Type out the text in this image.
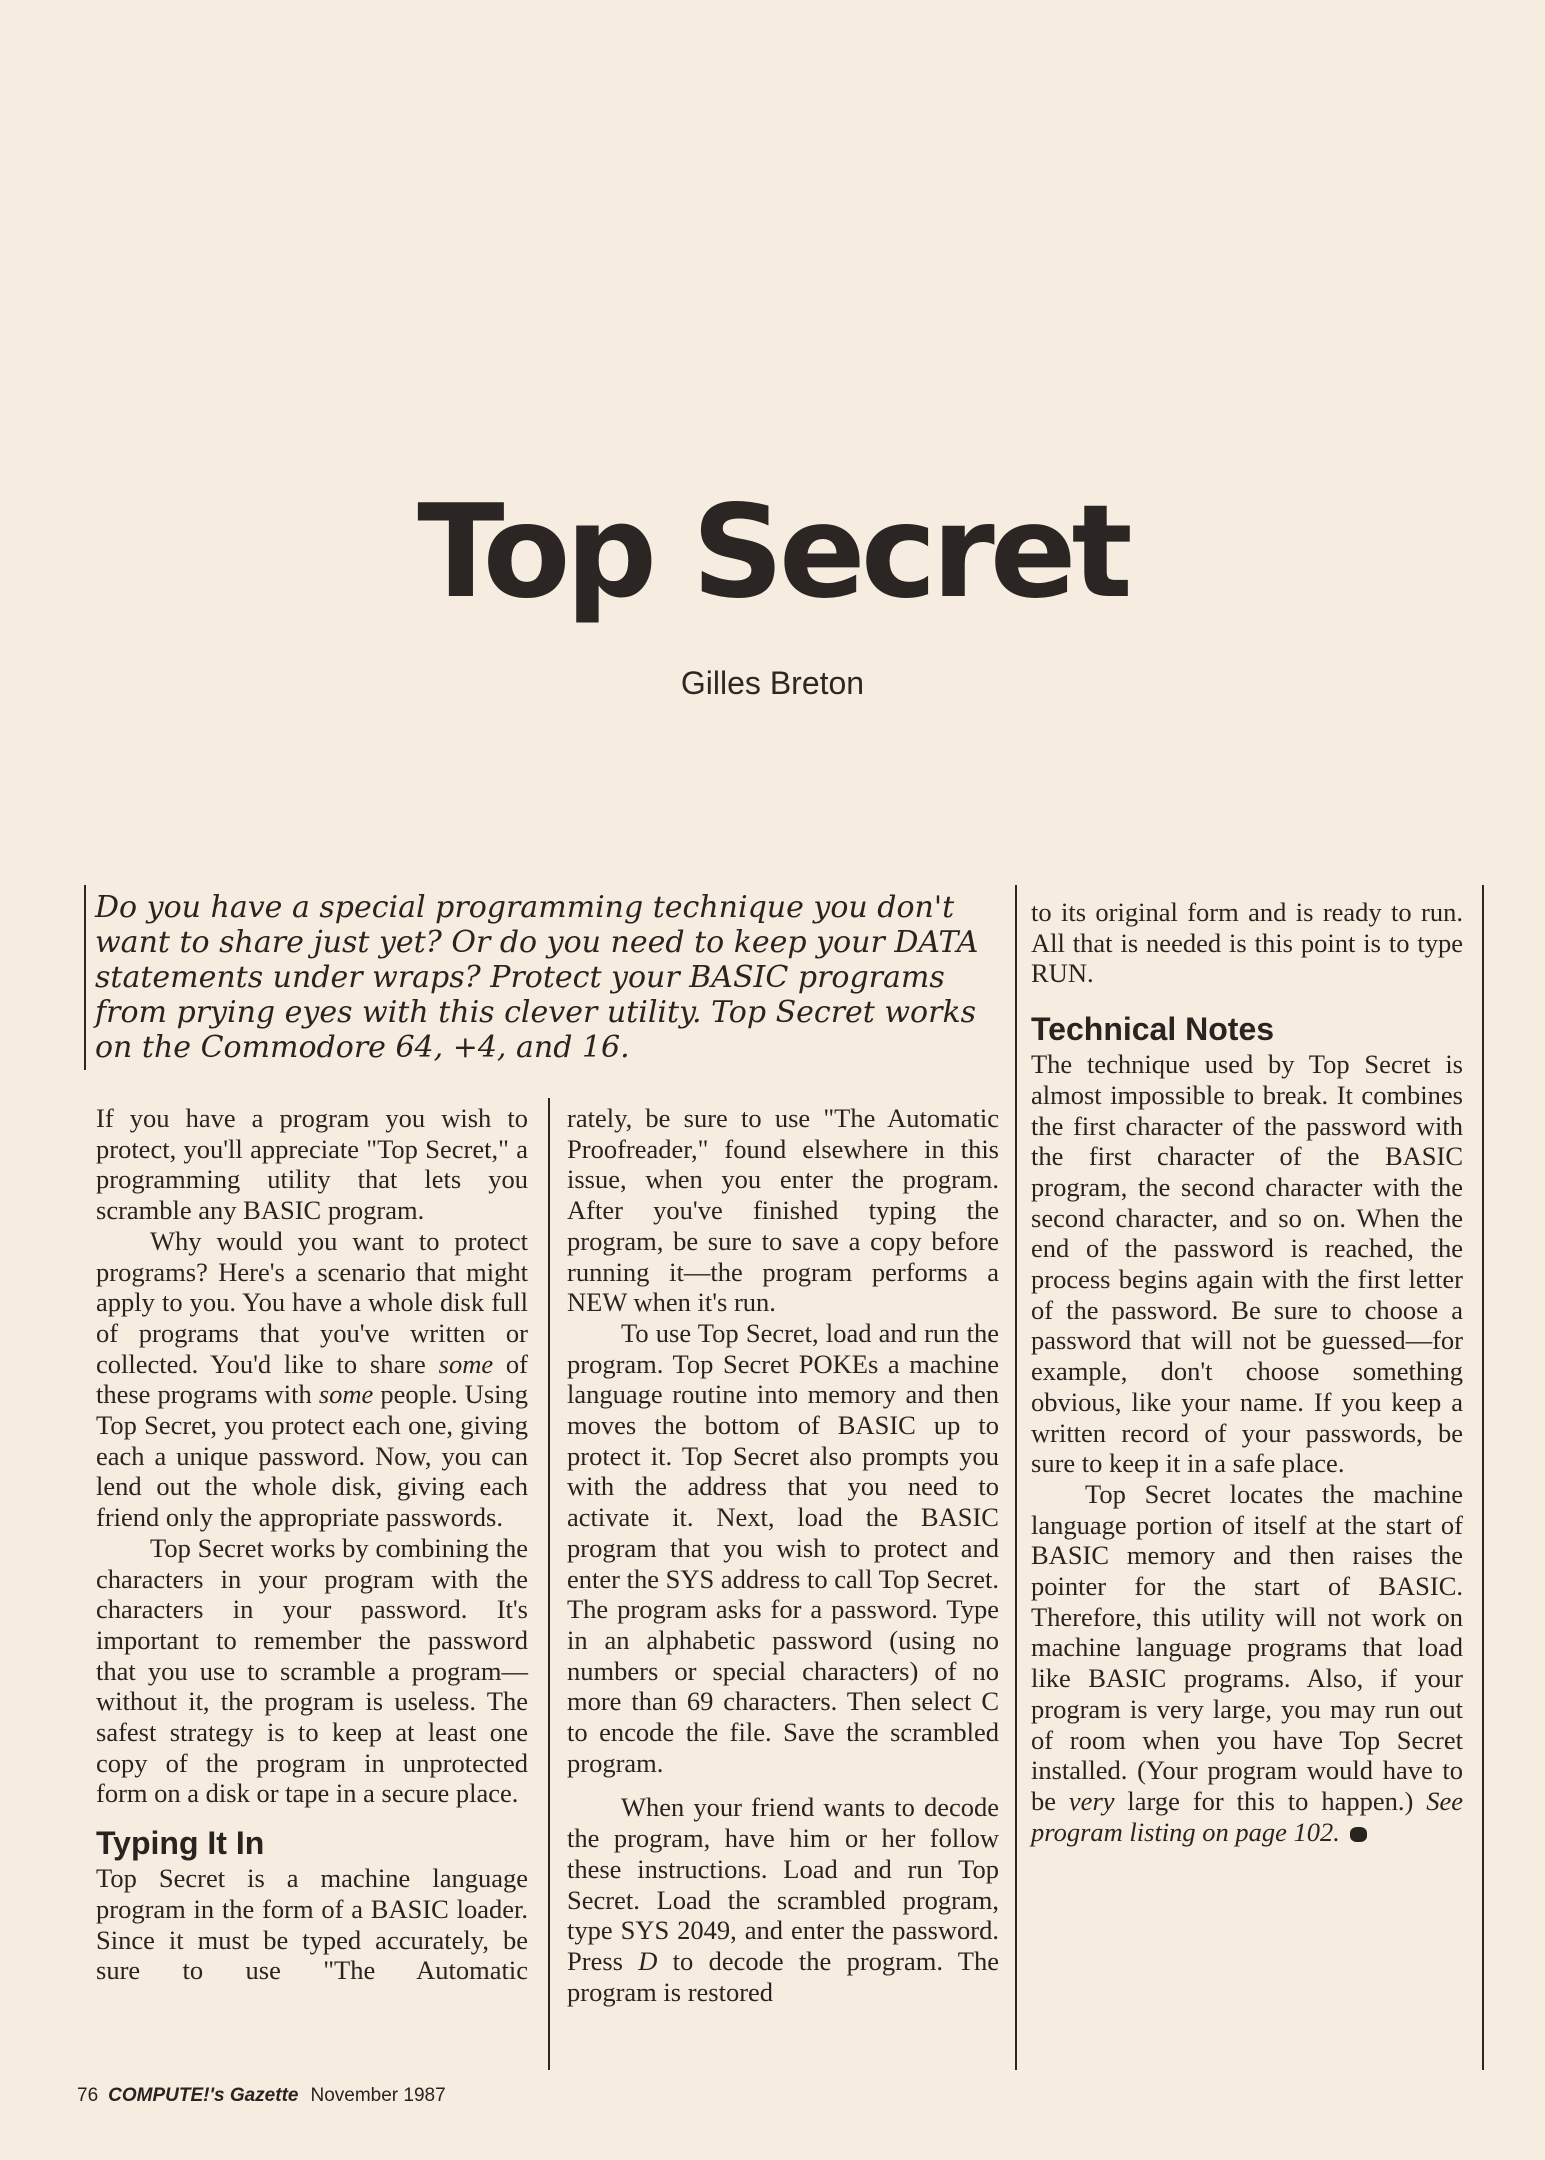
Top Secret
Gilles Breton
Do you have a special programming technique you don't want to share just yet? Or do you need to keep your DATA statements under wraps? Protect your BASIC programs from prying eyes with this clever utility. Top Secret works on the Commodore 64, +4, and 16.

If you have a program you wish to protect, you'll appreciate "Top Secret," a programming utility that lets you scramble any BASIC program.

Why would you want to protect programs? Here's a scenario that might apply to you. You have a whole disk full of programs that you've written or collected. You'd like to share some of these programs with some people. Using Top Secret, you protect each one, giving each a unique password. Now, you can lend out the whole disk, giving each friend only the appropriate passwords.

Top Secret works by combining the characters in your program with the characters in your password. It's important to remember the password that you use to scramble a program—without it, the program is useless. The safest strategy is to keep at least one copy of the program in unprotected form on a disk or tape in a secure place.

Typing It In

Top Secret is a machine language program in the form of a BASIC loader. Since it must be typed accurately, be sure to use "The Automatic

rately, be sure to use "The Automatic Proofreader," found elsewhere in this issue, when you enter the program. After you've finished typing the program, be sure to save a copy before running it—the program performs a NEW when it's run.

To use Top Secret, load and run the program. Top Secret POKEs a machine language routine into memory and then moves the bottom of BASIC up to protect it. Top Secret also prompts you with the address that you need to activate it. Next, load the BASIC program that you wish to protect and enter the SYS address to call Top Secret. The program asks for a password. Type in an alphabetic password (using no numbers or special characters) of no more than 69 characters. Then select C to encode the file. Save the scrambled program.

When your friend wants to decode the program, have him or her follow these instructions. Load and run Top Secret. Load the scrambled program, type SYS 2049, and enter the password. Press D to decode the program. The program is restored

to its original form and is ready to run. All that is needed is this point is to type RUN.

Technical Notes

The technique used by Top Secret is almost impossible to break. It combines the first character of the password with the first character of the BASIC program, the second character with the second character, and so on. When the end of the password is reached, the process begins again with the first letter of the password. Be sure to choose a password that will not be guessed—for example, don't choose something obvious, like your name. If you keep a written record of your passwords, be sure to keep it in a safe place.

Top Secret locates the machine language portion of itself at the start of BASIC memory and then raises the pointer for the start of BASIC. Therefore, this utility will not work on machine language programs that load like BASIC programs. Also, if your program is very large, you may run out of room when you have Top Secret installed. (Your program would have to be very large for this to happen.) See program listing on page 102.

76 COMPUTE!'s Gazette November 1987
